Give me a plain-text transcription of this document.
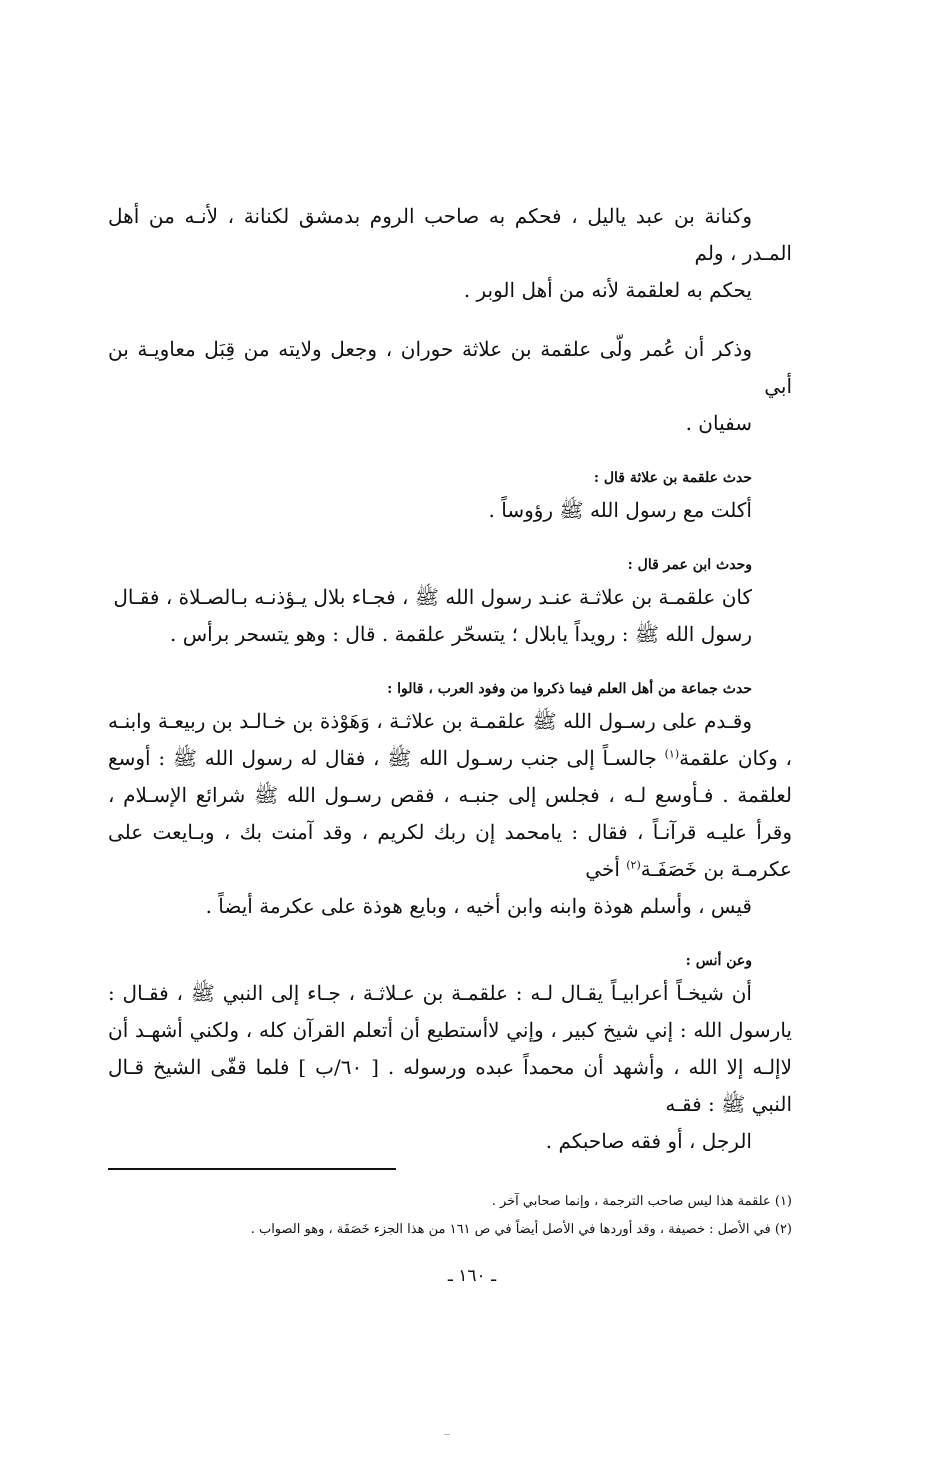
وكنانة بن عبد ياليل ، فحكم به صاحب الروم بدمشق لكنانة ، لأنـه من أهل المـدر ، ولم
يحكم به لعلقمة لأنه من أهل الوبر .

وذكر أن عُمر ولّى علقمة بن علاثة حوران ، وجعل ولايته من قِبَل معاويـة بن أبي
سفيان .

حدث علقمة بن علاثة قال :

أكلت مع رسول الله ﷺ رؤوساً .

وحدث ابن عمر قال :

كان علقمـة بن علاثـة عنـد رسول الله ﷺ ، فجـاء بلال يـؤذنـه بـالصـلاة ، فقـال
رسول الله ﷺ : رويداً يابلال ؛ يتسحّر علقمة . قال : وهو يتسحر برأس .

حدث جماعة من أهل العلم فيما ذكروا من وفود العرب ، قالوا :

وقـدم على رسـول الله ﷺ علقمـة بن علاثـة ، وَهَوْذة بن خـالـد بن ربيعـة وابنـه ، وكان علقمة$^{(١)}$ جالسـاً إلى جنب رسـول الله ﷺ ، فقال له رسول الله ﷺ : أوسع لعلقمة . فـأوسع لـه ، فجلس إلى جنبـه ، فقص رسـول الله ﷺ شرائع الإسـلام ، وقرأ عليـه قرآنـاً ، فقال : يامحمد إن ربك لكريم ، وقد آمنت بك ، وبـايعت على عكرمـة بن خَصَفَـة$^{(٢)}$ أخي
قيس ، وأسلم هوذة وابنه وابن أخيه ، وبايع هوذة على عكرمة أيضاً .

وعن أنس :

أن شيخـاً أعرابيـاً يقـال لـه : علقمـة بن عـلاثـة ، جـاء إلى النبي ﷺ ، فقـال : يارسول الله : إني شيخ كبير ، وإني لاأستطيع أن أتعلم القرآن كله ، ولكني أشهـد أن لاإلـه إلا الله ، وأشهد أن محمداً عبده ورسوله . [ ٦٠/ب ] فلما قفّى الشيخ قـال النبي ﷺ : فقـه
الرجل ، أو فقه صاحبكم .

(١) علقمة هذا ليس صاحب الترجمة ، وإنما صحابي آخر .

(٢) في الأصل : خصيفة ، وقد أوردها في الأصل أيضاً في ص ١٦١ من هذا الجزء خَصَفَة ، وهو الصواب .

ـ ١٦٠ ـ
